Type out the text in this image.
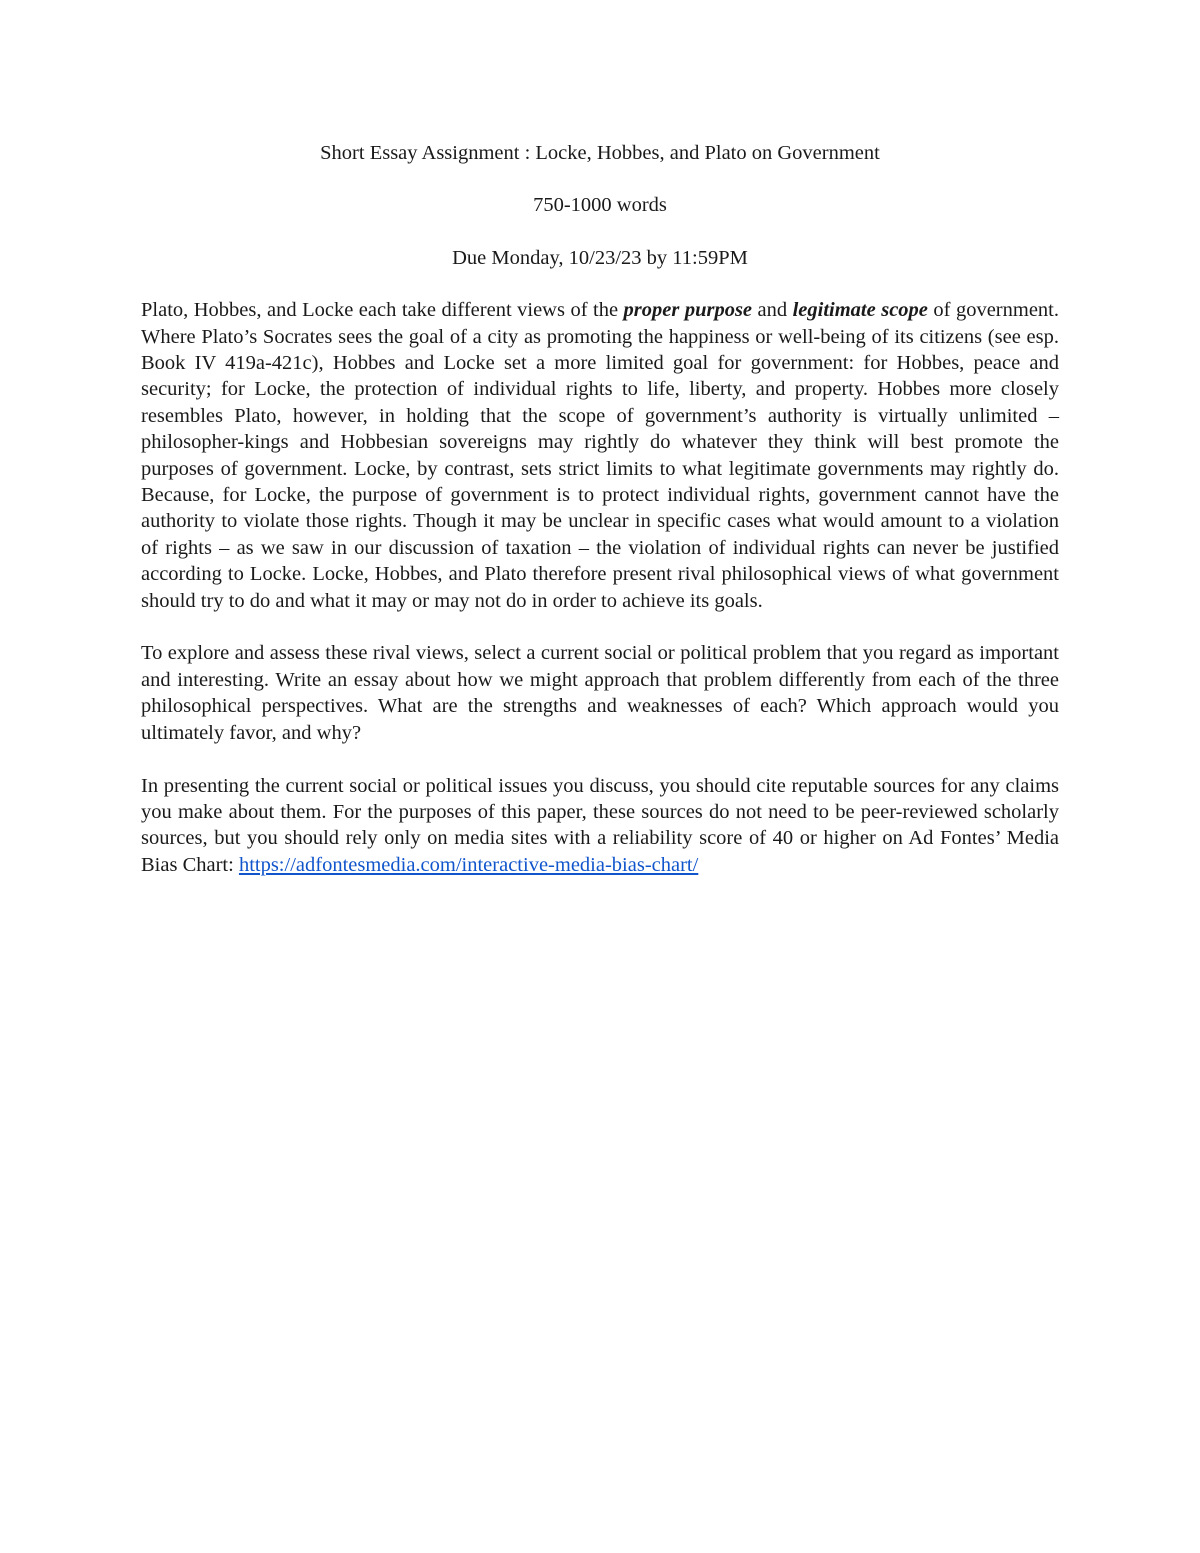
Short Essay Assignment : Locke, Hobbes, and Plato on Government

750-1000 words

Due Monday, 10/23/23 by 11:59PM

Plato, Hobbes, and Locke each take different views of the proper purpose and legitimate scope of government. Where Plato’s Socrates sees the goal of a city as promoting the happiness or well-being of its citizens (see esp. Book IV 419a-421c), Hobbes and Locke set a more limited goal for government: for Hobbes, peace and security; for Locke, the protection of individual rights to life, liberty, and property. Hobbes more closely resembles Plato, however, in holding that the scope of government’s authority is virtually unlimited – philosopher-kings and Hobbesian sovereigns may rightly do whatever they think will best promote the purposes of government. Locke, by contrast, sets strict limits to what legitimate governments may rightly do. Because, for Locke, the purpose of government is to protect individual rights, government cannot have the authority to violate those rights. Though it may be unclear in specific cases what would amount to a violation of rights – as we saw in our discussion of taxation – the violation of individual rights can never be justified according to Locke. Locke, Hobbes, and Plato therefore present rival philosophical views of what government should try to do and what it may or may not do in order to achieve its goals.

To explore and assess these rival views, select a current social or political problem that you regard as important and interesting. Write an essay about how we might approach that problem differently from each of the three philosophical perspectives. What are the strengths and weaknesses of each? Which approach would you ultimately favor, and why?

In presenting the current social or political issues you discuss, you should cite reputable sources for any claims you make about them. For the purposes of this paper, these sources do not need to be peer-reviewed scholarly sources, but you should rely only on media sites with a reliability score of 40 or higher on Ad Fontes’ Media Bias Chart: https://adfontesmedia.com/interactive-media-bias-chart/
